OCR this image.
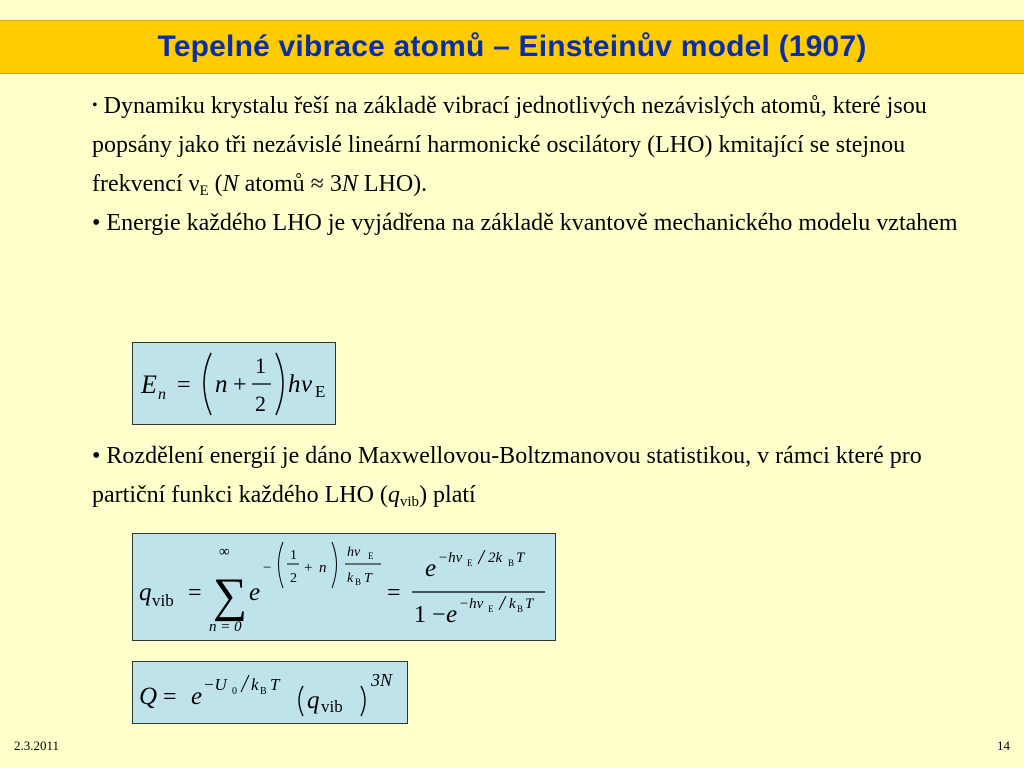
Tepelné vibrace atomů – Einsteinův model (1907)

• Dynamiku krystalu řeší na základě vibrací jednotlivých nezávislých atomů, které jsou popsány jako tři nezávislé lineární harmonické oscilátory (LHO) kmitající se stejnou frekvencí $\nu_E$ (N atomů ≈ 3N LHO).

• Energie každého LHO je vyjádřena na základě kvantově mechanického modelu vztahem

E n = n +
1
2
h ν E

• Rozdělení energií je dáno Maxwellovou-Boltzmanovou statistikou, v rámci které pro partiční funkci každého LHO $(q_{vib})$ platí

q vib =
∞
∑
n = 0
e
−
1
2
+ n
hν E
k B T
=
e −hν E 2k B T
1 − e −hν E k B T
Q = e −U 0 k B T
q vib
3N
2.3.2011	14
